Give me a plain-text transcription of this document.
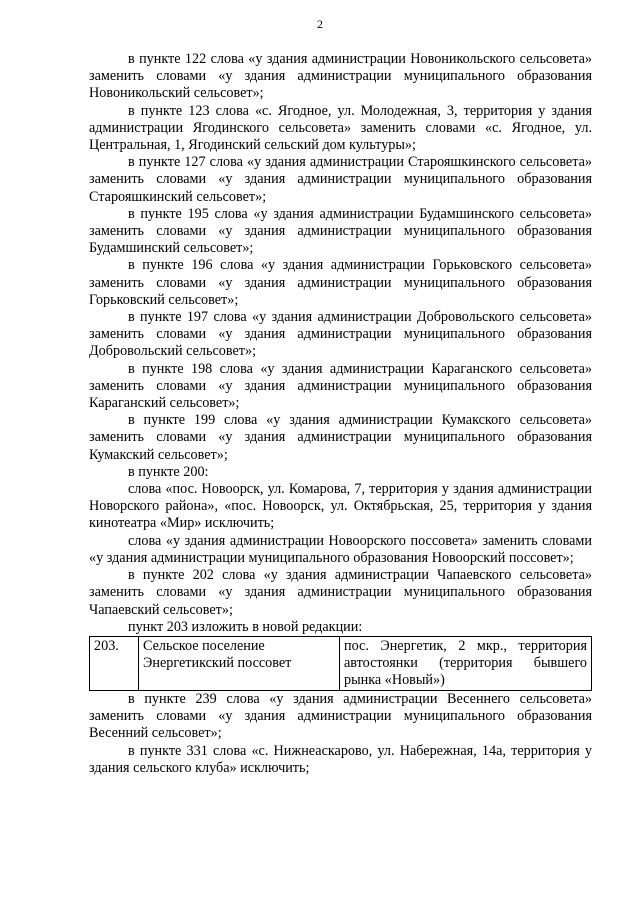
2

в пункте 122 слова «у здания администрации Новоникольского сельсовета» заменить словами «у здания администрации муниципального образования Новоникольский сельсовет»;

в пункте 123 слова «с. Ягодное, ул. Молодежная, 3, территория у здания администрации Ягодинского сельсовета» заменить словами «с. Ягодное, ул. Центральная, 1, Ягодинский сельский дом культуры»;

в пункте 127 слова «у здания администрации Старояшкинского сельсовета» заменить словами «у здания администрации муниципального образования Старояшкинский сельсовет»;

в пункте 195 слова «у здания администрации Будамшинского сельсовета» заменить словами «у здания администрации муниципального образования Будамшинский сельсовет»;

в пункте 196 слова «у здания администрации Горьковского сельсовета» заменить словами «у здания администрации муниципального образования Горьковский сельсовет»;

в пункте 197 слова «у здания администрации Добровольского сельсовета» заменить словами «у здания администрации муниципального образования Добровольский сельсовет»;

в пункте 198 слова «у здания администрации Караганского сельсовета» заменить словами «у здания администрации муниципального образования Караганский сельсовет»;

в пункте 199 слова «у здания администрации Кумакского сельсовета» заменить словами «у здания администрации муниципального образования Кумакский сельсовет»;

в пункте 200:

слова «пос. Новоорск, ул. Комарова, 7, территория у здания администрации Новорского района», «пос. Новоорск, ул. Октябрьская, 25, территория у здания кинотеатра «Мир» исключить;

слова «у здания администрации Новоорского поссовета» заменить словами «у здания администрации муниципального образования Новоорский поссовет»;

в пункте 202 слова «у здания администрации Чапаевского сельсовета» заменить словами «у здания администрации муниципального образования Чапаевский сельсовет»;

пункт 203 изложить в новой редакции:

203.	Сельское поселение Энергетикский поссовет	пос. Энергетик, 2 мкр., территория автостоянки (территория бывшего рынка «Новый»)

в пункте 239 слова «у здания администрации Весеннего сельсовета» заменить словами «у здания администрации муниципального образования Весенний сельсовет»;

в пункте 331 слова «с. Нижнеаскарово, ул. Набережная, 14а, территория у здания сельского клуба» исключить;
